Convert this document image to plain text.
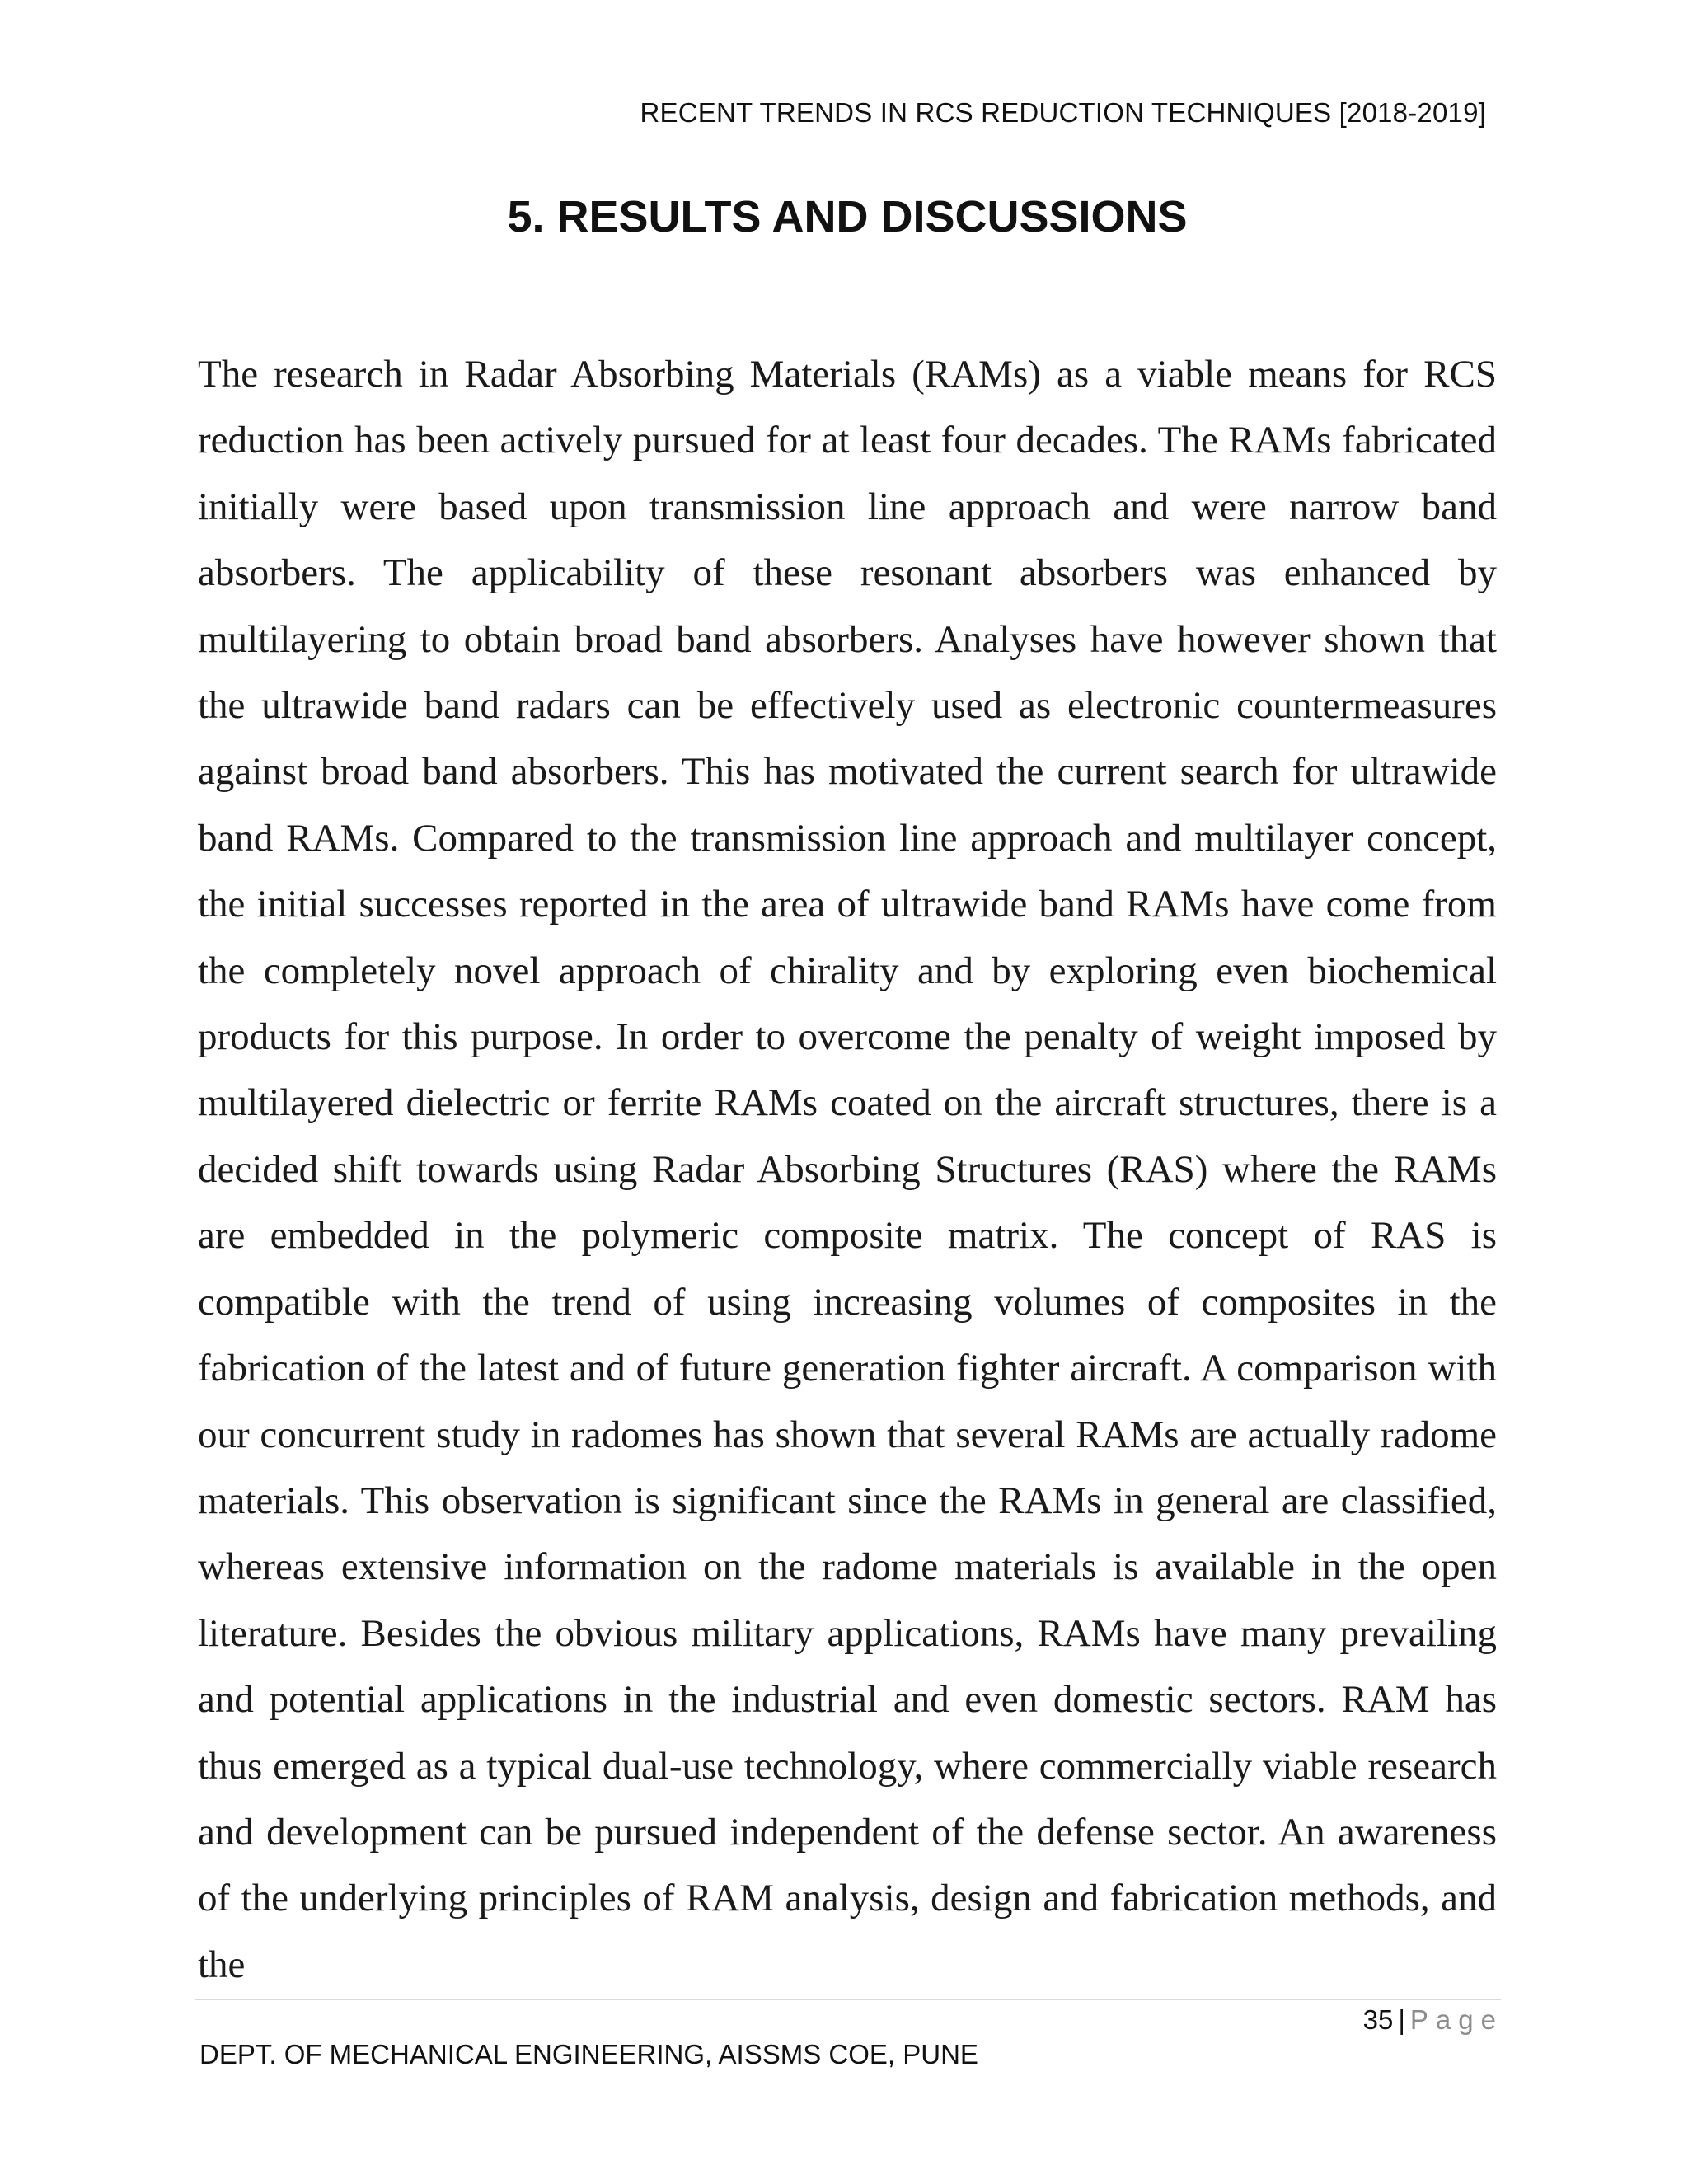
RECENT TRENDS IN RCS REDUCTION TECHNIQUES [2018-2019]
5. RESULTS AND DISCUSSIONS

The research in Radar Absorbing Materials (RAMs) as a viable means for RCS reduction has been actively pursued for at least four decades. The RAMs fabricated initially were based upon transmission line approach and were narrow band absorbers. The applicability of these resonant absorbers was enhanced by multilayering to obtain broad band absorbers. Analyses have however shown that the ultrawide band radars can be effectively used as electronic countermeasures against broad band absorbers. This has motivated the current search for ultrawide band RAMs. Compared to the transmission line approach and multilayer concept, the initial successes reported in the area of ultrawide band RAMs have come from the completely novel approach of chirality and by exploring even biochemical products for this purpose. In order to overcome the penalty of weight imposed by multilayered dielectric or ferrite RAMs coated on the aircraft structures, there is a decided shift towards using Radar Absorbing Structures (RAS) where the RAMs are embedded in the polymeric composite matrix. The concept of RAS is compatible with the trend of using increasing volumes of composites in the fabrication of the latest and of future generation fighter aircraft. A comparison with our concurrent study in radomes has shown that several RAMs are actually radome materials. This observation is significant since the RAMs in general are classified, whereas extensive information on the radome materials is available in the open literature. Besides the obvious military applications, RAMs have many prevailing and potential applications in the industrial and even domestic sectors. RAM has thus emerged as a typical dual-use technology, where commercially viable research and development can be pursued independent of the defense sector. An awareness of the underlying principles of RAM analysis, design and fabrication methods, and the

35 | Page
DEPT. OF MECHANICAL ENGINEERING, AISSMS COE, PUNE
